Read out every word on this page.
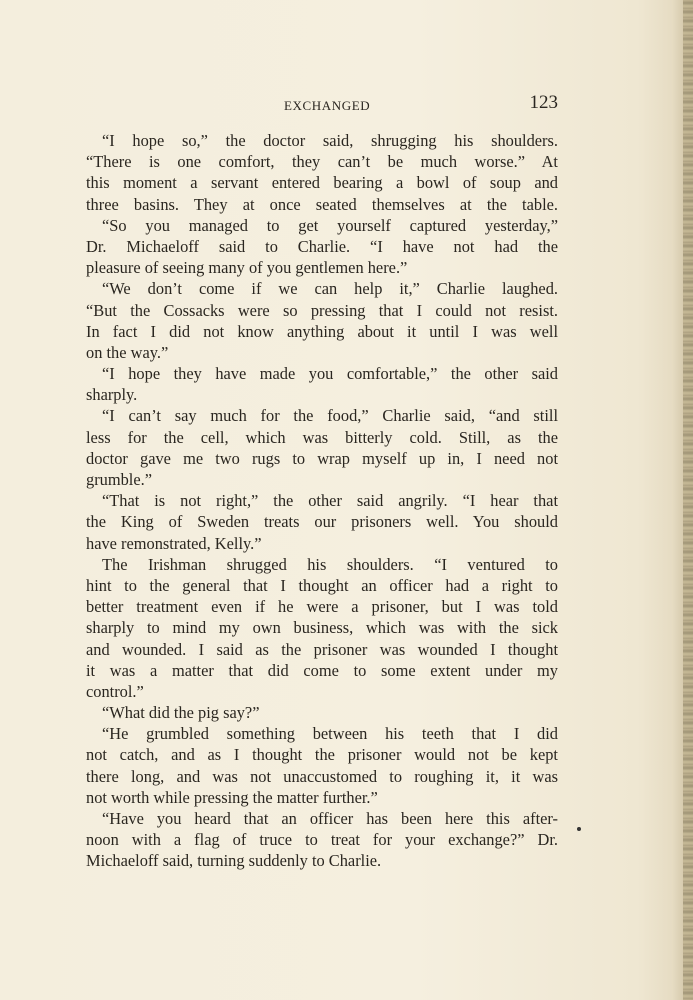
EXCHANGED	123
“I hope so,” the doctor said, shrugging his shoulders.
“There is one comfort, they can’t be much worse.” At
this moment a servant entered bearing a bowl of soup and
three basins. They at once seated themselves at the table.
“So you managed to get yourself captured yesterday,”
Dr. Michaeloff said to Charlie. “I have not had the
pleasure of seeing many of you gentlemen here.”
“We don’t come if we can help it,” Charlie laughed.
“But the Cossacks were so pressing that I could not resist.
In fact I did not know anything about it until I was well
on the way.”
“I hope they have made you comfortable,” the other said
sharply.
“I can’t say much for the food,” Charlie said, “and still
less for the cell, which was bitterly cold. Still, as the
doctor gave me two rugs to wrap myself up in, I need not
grumble.”
“That is not right,” the other said angrily. “I hear that
the King of Sweden treats our prisoners well. You should
have remonstrated, Kelly.”
The Irishman shrugged his shoulders. “I ventured to
hint to the general that I thought an officer had a right to
better treatment even if he were a prisoner, but I was told
sharply to mind my own business, which was with the sick
and wounded. I said as the prisoner was wounded I thought
it was a matter that did come to some extent under my
control.”
“What did the pig say?”
“He grumbled something between his teeth that I did
not catch, and as I thought the prisoner would not be kept
there long, and was not unaccustomed to roughing it, it was
not worth while pressing the matter further.”
“Have you heard that an officer has been here this after-
noon with a flag of truce to treat for your exchange?” Dr.
Michaeloff said, turning suddenly to Charlie.
